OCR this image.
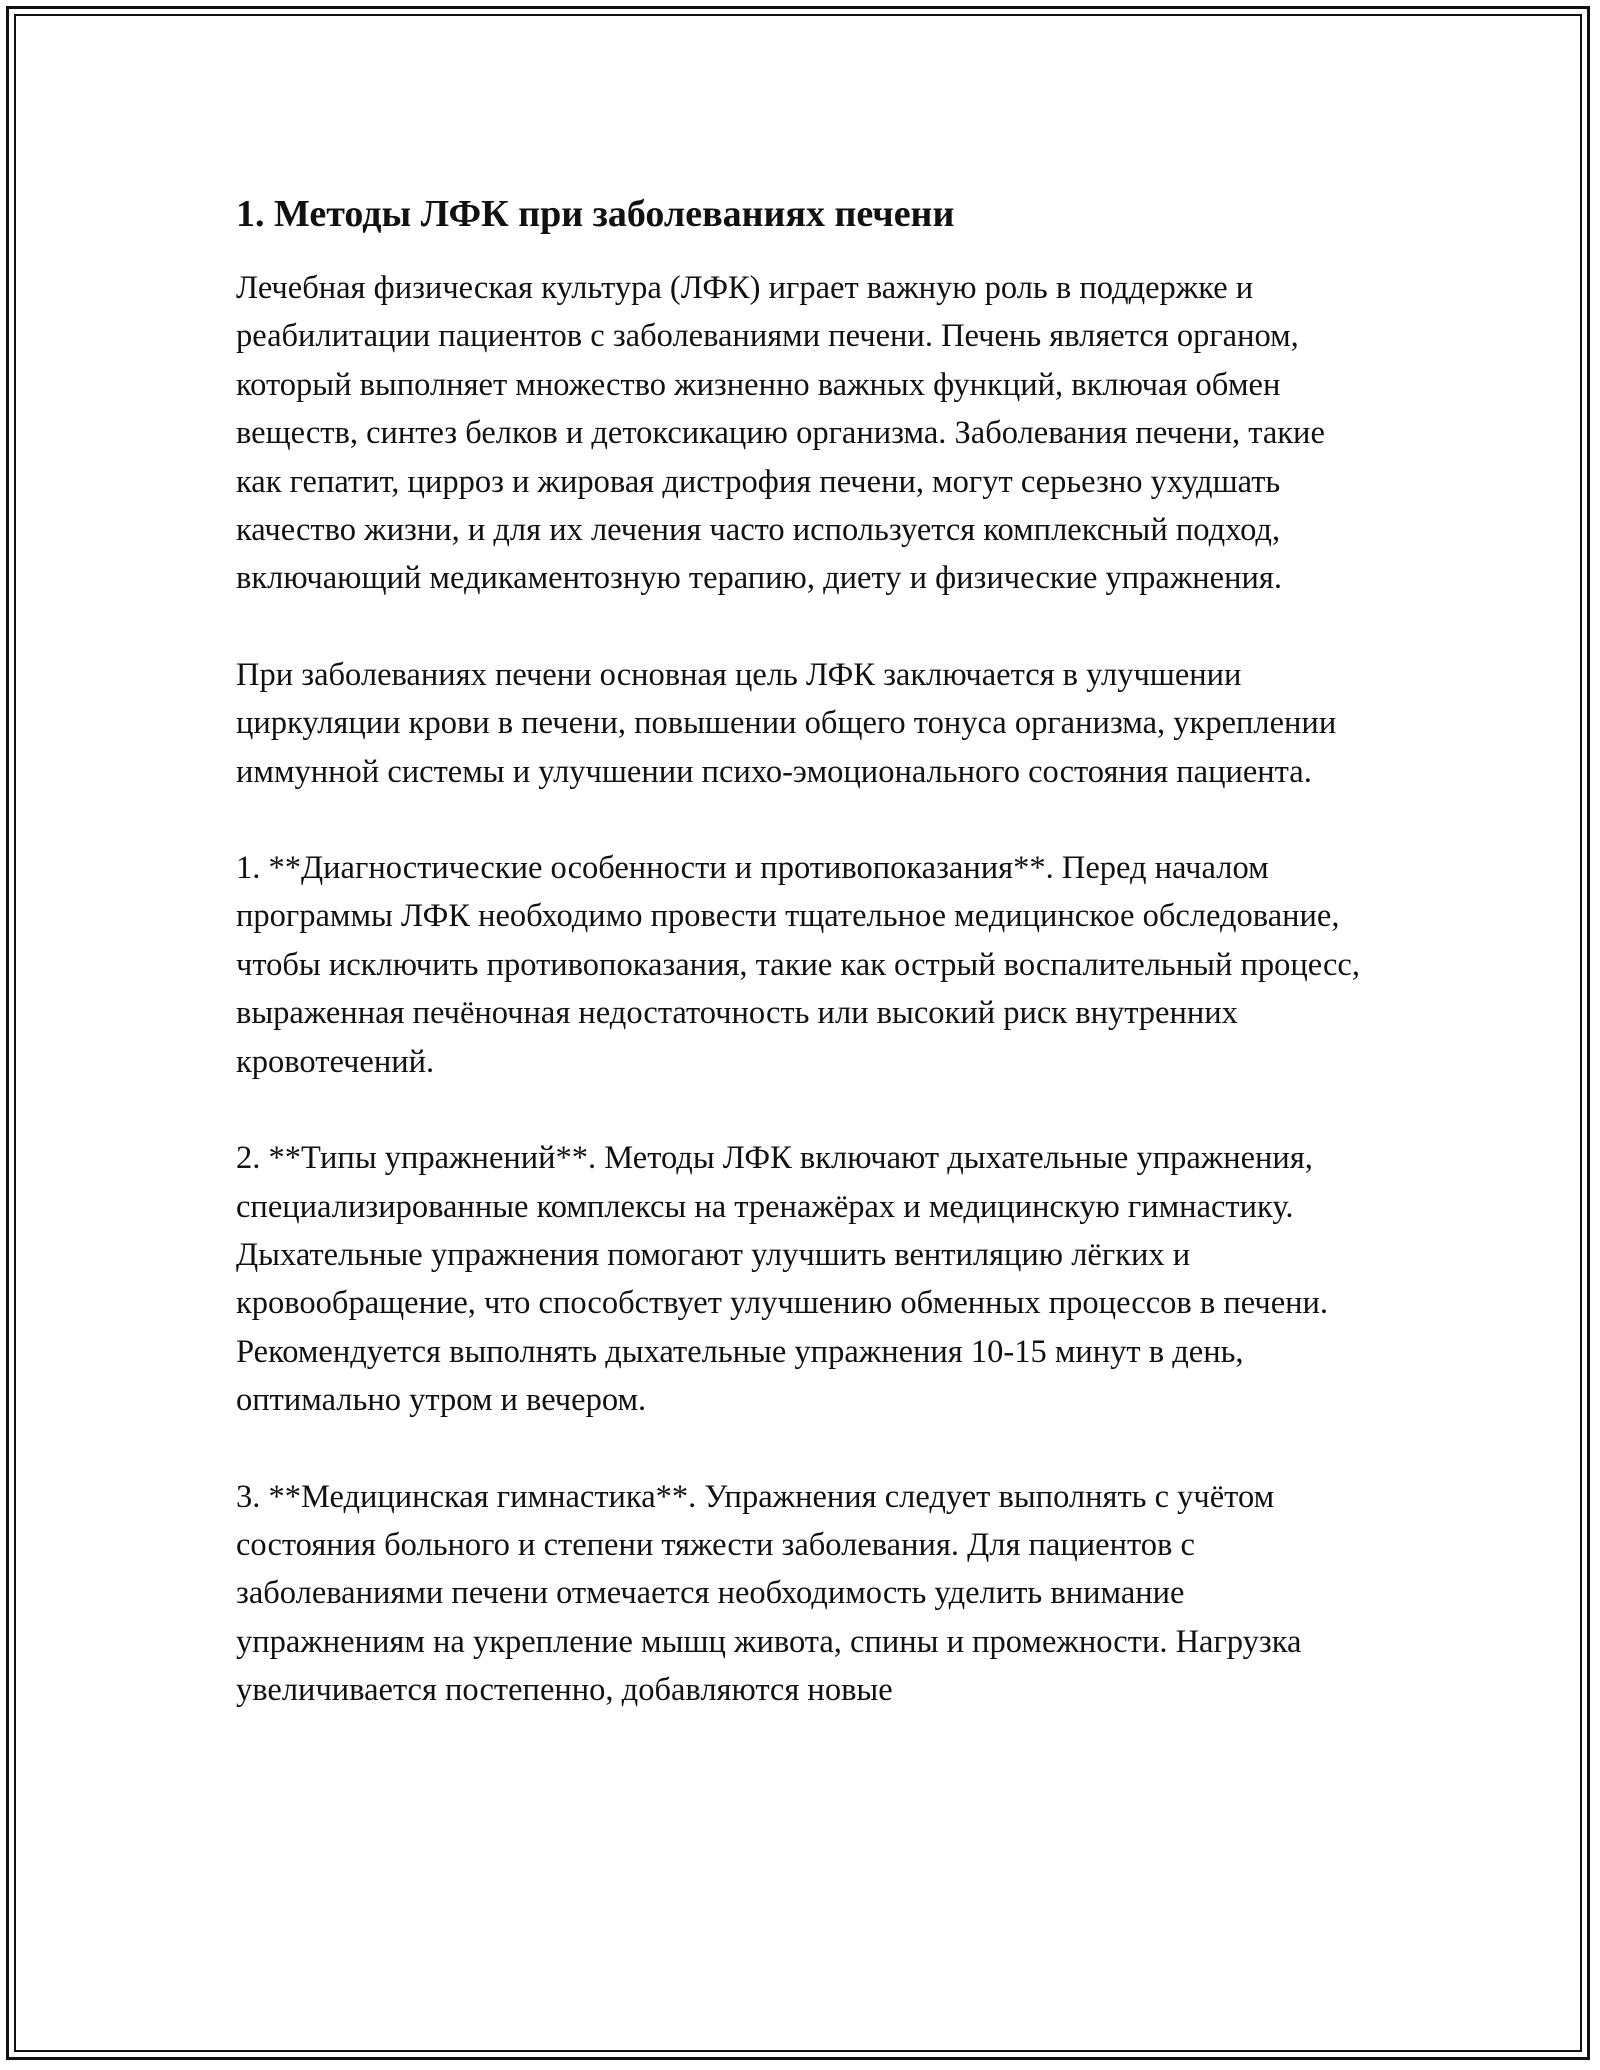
1. Методы ЛФК при заболеваниях печени

Лечебная физическая культура (ЛФК) играет важную роль в поддержке и реабилитации пациентов с заболеваниями печени. Печень является органом, который выполняет множество жизненно важных функций, включая обмен веществ, синтез белков и детоксикацию организма. Заболевания печени, такие как гепатит, цирроз и жировая дистрофия печени, могут серьезно ухудшать качество жизни, и для их лечения часто используется комплексный подход, включающий медикаментозную терапию, диету и физические упражнения.

При заболеваниях печени основная цель ЛФК заключается в улучшении циркуляции крови в печени, повышении общего тонуса организма, укреплении иммунной системы и улучшении психо-эмоционального состояния пациента.

1. **Диагностические особенности и противопоказания**. Перед началом программы ЛФК необходимо провести тщательное медицинское обследование, чтобы исключить противопоказания, такие как острый воспалительный процесс, выраженная печёночная недостаточность или высокий риск внутренних кровотечений.

2. **Типы упражнений**. Методы ЛФК включают дыхательные упражнения, специализированные комплексы на тренажёрах и медицинскую гимнастику. Дыхательные упражнения помогают улучшить вентиляцию лёгких и кровообращение, что способствует улучшению обменных процессов в печени. Рекомендуется выполнять дыхательные упражнения 10-15 минут в день, оптимально утром и вечером.

3. **Медицинская гимнастика**. Упражнения следует выполнять с учётом состояния больного и степени тяжести заболевания. Для пациентов с заболеваниями печени отмечается необходимость уделить внимание упражнениям на укрепление мышц живота, спины и промежности. Нагрузка увеличивается постепенно, добавляются новые
